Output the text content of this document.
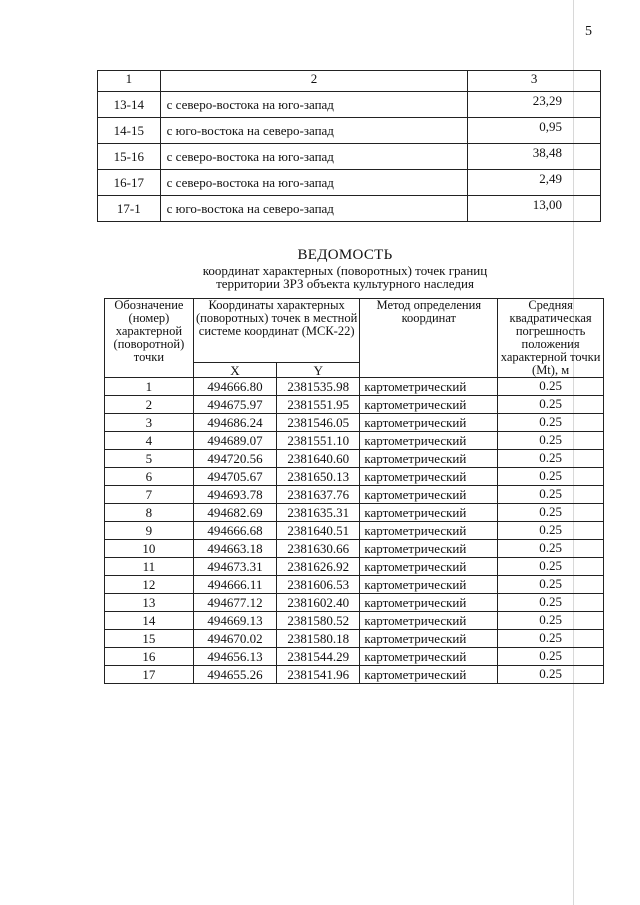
5
1	2	3
13-14	с северо-востока на юго-запад	23,29
14-15	с юго-востока на северо-запад	0,95
15-16	с северо-востока на юго-запад	38,48
16-17	с северо-востока на юго-запад	2,49
17-1	с юго-востока на северо-запад	13,00
ВЕДОМОСТЬ
координат характерных (поворотных) точек границ
территории ЗРЗ объекта культурного наследия
Обозначение (номер) характерной (поворотной) точки	Координаты характерных (поворотных) точек в местной системе координат (МСК-22)		Метод определения координат	Средняя квадратическая погрешность положения характерной точки (Mt), м
	X	Y		
1	494666.80	2381535.98	картометрический	0.25
2	494675.97	2381551.95	картометрический	0.25
3	494686.24	2381546.05	картометрический	0.25
4	494689.07	2381551.10	картометрический	0.25
5	494720.56	2381640.60	картометрический	0.25
6	494705.67	2381650.13	картометрический	0.25
7	494693.78	2381637.76	картометрический	0.25
8	494682.69	2381635.31	картометрический	0.25
9	494666.68	2381640.51	картометрический	0.25
10	494663.18	2381630.66	картометрический	0.25
11	494673.31	2381626.92	картометрический	0.25
12	494666.11	2381606.53	картометрический	0.25
13	494677.12	2381602.40	картометрический	0.25
14	494669.13	2381580.52	картометрический	0.25
15	494670.02	2381580.18	картометрический	0.25
16	494656.13	2381544.29	картометрический	0.25
17	494655.26	2381541.96	картометрический	0.25
